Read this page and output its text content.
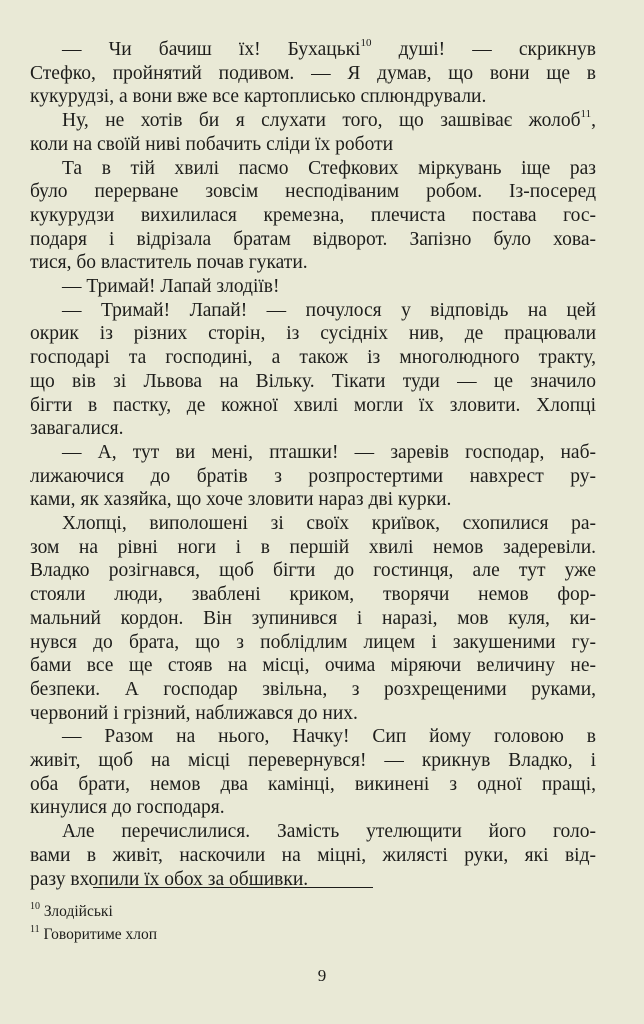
— Чи бачиш їх! Бухацькі$^{10}$ душі! — скрикнув
Стефко, пройнятий подивом. — Я думав, що вони ще в
кукурудзі, а вони вже все картоплисько сплюндрували.
Ну, не хотів би я слухати того, що зашвіває жолоб$^{11}$,
коли на своїй ниві побачить сліди їх роботи
Та в тій хвилі пасмо Стефкових міркувань іще раз
було перерване зовсім несподіваним робом. Із-посеред
кукурудзи вихилилася кремезна, плечиста постава гос-
подаря і відрізала братам відворот. Запізно було хова-
тися, бо властитель почав гукати.
— Тримай! Лапай злодіїв!
— Тримай! Лапай! — почулося у відповідь на цей
окрик із різних сторін, із сусідніх нив, де працювали
господарі та господині, а також із многолюдного тракту,
що вів зі Львова на Вільку. Тікати туди — це значило
бігти в пастку, де кожної хвилі могли їх зловити. Хлопці
завагалися.
— А, тут ви мені, пташки! — заревів господар, наб-
лижаючися до братів з розпростертими навхрест ру-
ками, як хазяйка, що хоче зловити нараз дві курки.
Хлопці, виполошені зі своїх криївок, схопилися ра-
зом на рівні ноги і в першій хвилі немов задеревіли.
Владко розігнався, щоб бігти до гостинця, але тут уже
стояли люди, зваблені криком, творячи немов фор-
мальний кордон. Він зупинився і наразі, мов куля, ки-
нувся до брата, що з поблідлим лицем і закушеними гу-
бами все ще стояв на місці, очима міряючи величину не-
безпеки. А господар звільна, з розхрещеними руками,
червоний і грізний, наближався до них.
— Разом на нього, Начку! Сип йому головою в
живіт, щоб на місці перевернувся! — крикнув Владко, і
оба брати, немов два камінці, викинені з одної пращі,
кинулися до господаря.
Але перечислилися. Замість утелющити його голо-
вами в живіт, наскочили на міцні, жилясті руки, які від-
разу вхопили їх обох за обшивки.
$^{10}$ Злодійські
$^{11}$ Говоритиме хлоп
9
